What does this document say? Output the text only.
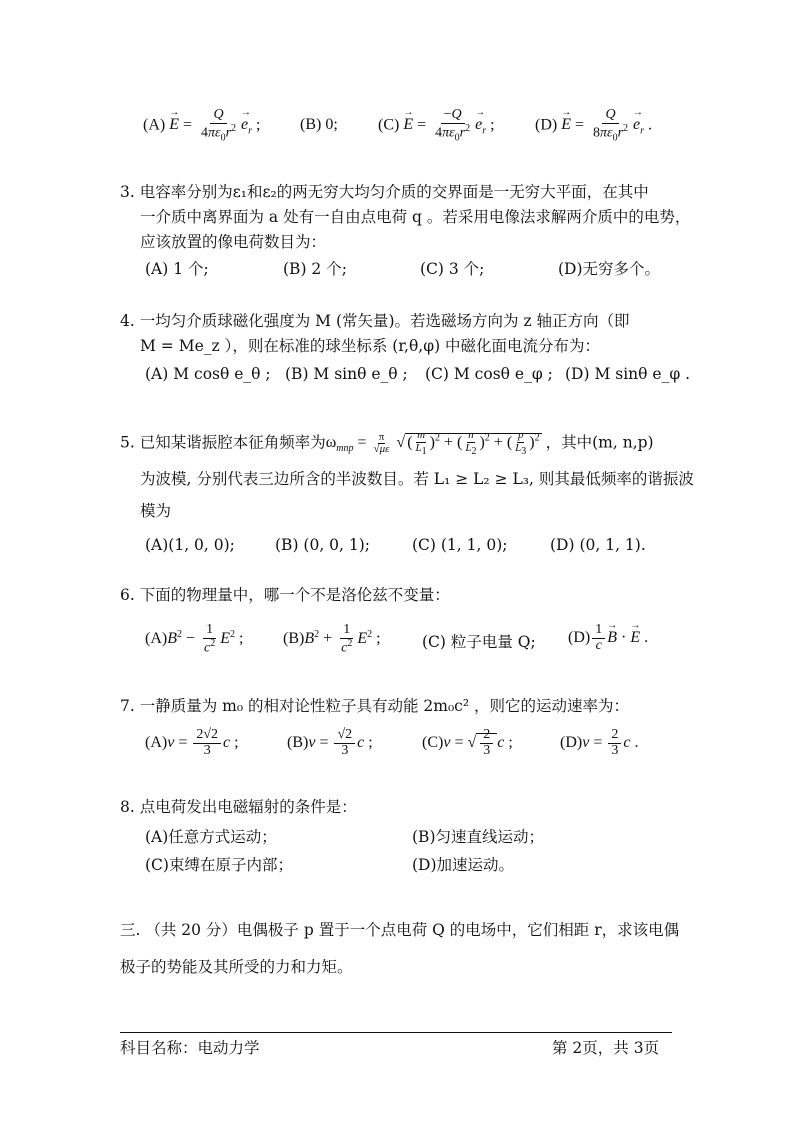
$(A) \to E = \frac{Q}{4\pi\varepsilon_0r^2} \to e_r$ ; (B) 0;	$(C) \to E = \frac{-Q}{4\pi\varepsilon_0r^2} \to e_r$ ;	$(D) \to E = \frac{Q}{8\pi\varepsilon_0r^2} \to e_r$ .
3. 电容率分别为ε₁和ε₂的两无穷大均匀介质的交界面是一无穷大平面，在其中
一介质中离界面为 a 处有一自由点电荷 q 。若采用电像法求解两介质中的电势，
应该放置的像电荷数目为：
(A) 1 个;	(B) 2 个;	(C) 3 个;	(D)无穷多个。
4. 一均匀介质球磁化强度为 M (常矢量)。若选磁场方向为 z 轴正方向（即
M = Me_z ），则在标准的球坐标系 (r,θ,φ) 中磁化面电流分布为：
(A) M cosθ e_θ ; (B) M sinθ e_θ ; (C) M cosθ e_φ ; (D) M sinθ e_φ .
5. 已知某谐振腔本征角频率为$\omega_{mnp} = \frac{\pi}{√\mu\varepsilon}$ √ ( $\frac{m}{L_1} )^2$ + ( $\frac{n}{L_2} )^2$ + ( $\frac{p}{L_3} )^2$ ，其中(m, n,p)
为波模, 分别代表三边所含的半波数目。若 L₁ ≥ L₂ ≥ L₃, 则其最低频率的谐振波
模为
(A)(1, 0, 0);	(B) (0, 0, 1);	(C) (1, 1, 0);	(D) (0, 1, 1).
6. 下面的物理量中，哪一个不是洛伦兹不变量：
$(A)B^2 - \frac{1}{c^2} E^2$ ; $(B)B^2 + \frac{1}{c^2} E^2$ ;	(C) 粒子电量 Q; $(D) \frac{1}{c} \to B$ · → E .
7. 一静质量为 m₀ 的相对论性粒子具有动能 2m₀c² ，则它的运动速率为：
$(A)v = \frac{2√2}{3}$ c ;	$(B)v = \frac{√2}{3}$ c ;	(C)v = √ $\frac{2}{3}$ c ;	$(D)v = \frac{2}{3}$ c .
8. 点电荷发出电磁辐射的条件是：
(A)任意方式运动；	(B)匀速直线运动；
(C)束缚在原子内部；	(D)加速运动。
三. （共 20 分）电偶极子 p 置于一个点电荷 Q 的电场中，它们相距 r，求该电偶
极子的势能及其所受的力和力矩。
科目名称：电动力学	第 2页，共 3页
